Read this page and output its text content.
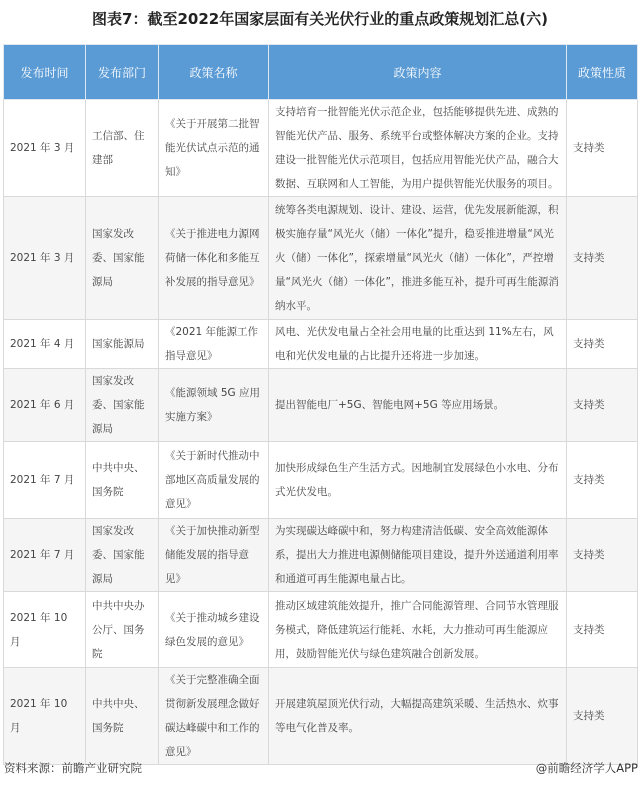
图表7：截至2022年国家层面有关光伏行业的重点政策规划汇总(六)
发布时间	发布部门	政策名称	政策内容	政策性质
2021 年 3 月	工信部、住建部	《关于开展第二批智能光伏试点示范的通知》	支持培育一批智能光伏示范企业，包括能够提供先进、成熟的智能光伏产品、服务、系统平台或整体解决方案的企业。支持建设一批智能光伏示范项目，包括应用智能光伏产品，融合大数据、互联网和人工智能，为用户提供智能光伏服务的项目。	支持类
2021 年 3 月	国家发改委、国家能源局	《关于推进电力源网荷储一体化和多能互补发展的指导意见》	统筹各类电源规划、设计、建设、运营，优先发展新能源，积极实施存量“风光火（储）一体化”提升，稳妥推进增量“风光火（储）一体化”，探索增量“风光火（储）一体化”，严控增量“风光火（储）一体化”，推进多能互补，提升可再生能源消纳水平。	支持类
2021 年 4 月	国家能源局	《2021 年能源工作指导意见》	风电、光伏发电量占全社会用电量的比重达到 11%左右，风电和光伏发电量的占比提升还将进一步加速。	支持类
2021 年 6 月	国家发改委、国家能源局	《能源领域 5G 应用实施方案》	提出智能电厂+5G、智能电网+5G 等应用场景。	支持类
2021 年 7 月	中共中央、国务院	《关于新时代推动中部地区高质量发展的意见》	加快形成绿色生产生活方式。因地制宜发展绿色小水电、分布式光伏发电。	支持类
2021 年 7 月	国家发改委、国家能源局	《关于加快推动新型储能发展的指导意见》	为实现碳达峰碳中和，努力构建清洁低碳、安全高效能源体系，提出大力推进电源侧储能项目建设，提升外送通道利用率和通道可再生能源电量占比。	支持类
2021 年 10 月	中共中央办公厅、国务院	《关于推动城乡建设绿色发展的意见》	推动区域建筑能效提升，推广合同能源管理、合同节水管理服务模式，降低建筑运行能耗、水耗，大力推动可再生能源应用，鼓励智能光伏与绿色建筑融合创新发展。	支持类
2021 年 10 月	中共中央、国务院	《关于完整准确全面贯彻新发展理念做好碳达峰碳中和工作的意见》	开展建筑屋顶光伏行动，大幅提高建筑采暖、生活热水、炊事等电气化普及率。	支持类
资料来源：前瞻产业研究院	@前瞻经济学人APP
